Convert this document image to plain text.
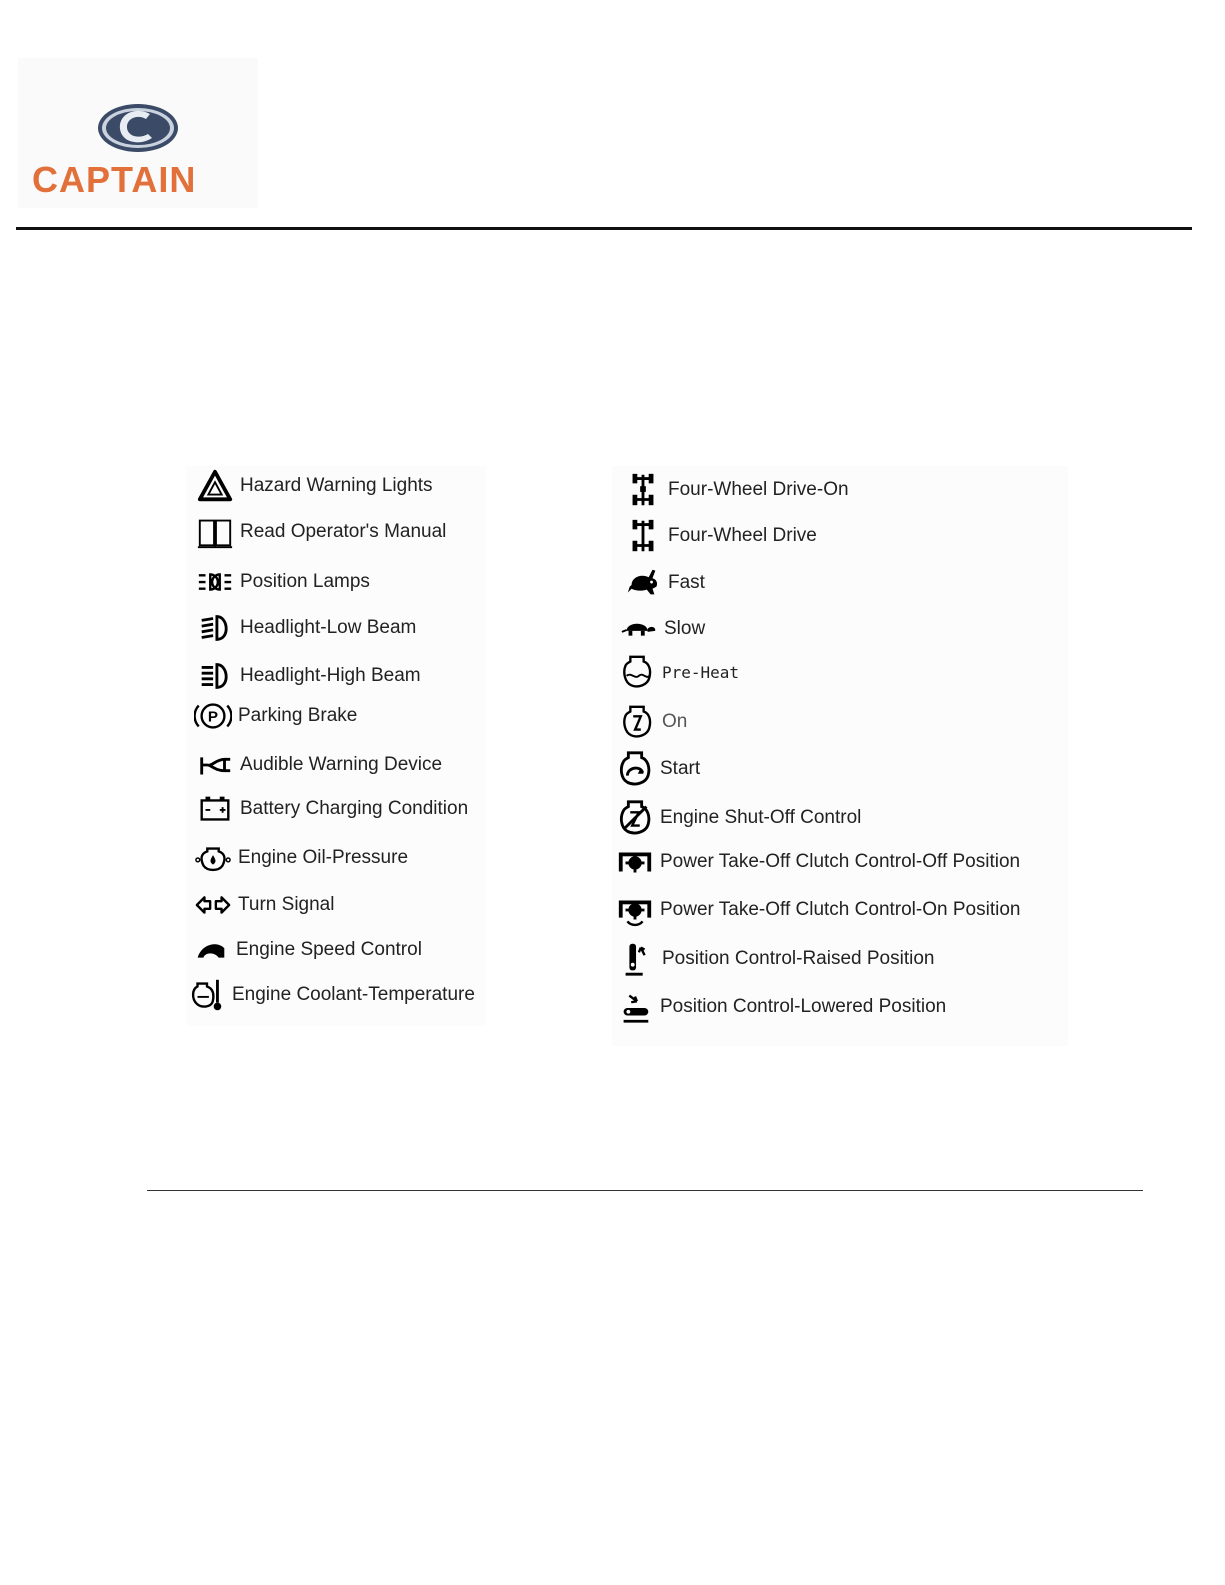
CAPTAIN
Hazard Warning Lights
Read Operator's Manual
Position Lamps
Headlight-Low Beam
Headlight-High Beam
P Parking Brake
Audible Warning Device
Battery Charging Condition
Engine Oil-Pressure
Turn Signal
Engine Speed Control
Engine Coolant-Temperature
Four-Wheel Drive-On
Four-Wheel Drive
Fast
Slow
Pre-Heat
On
Start
Engine Shut-Off Control
Power Take-Off Clutch Control-Off Position
Power Take-Off Clutch Control-On Position
Position Control-Raised Position
Position Control-Lowered Position
